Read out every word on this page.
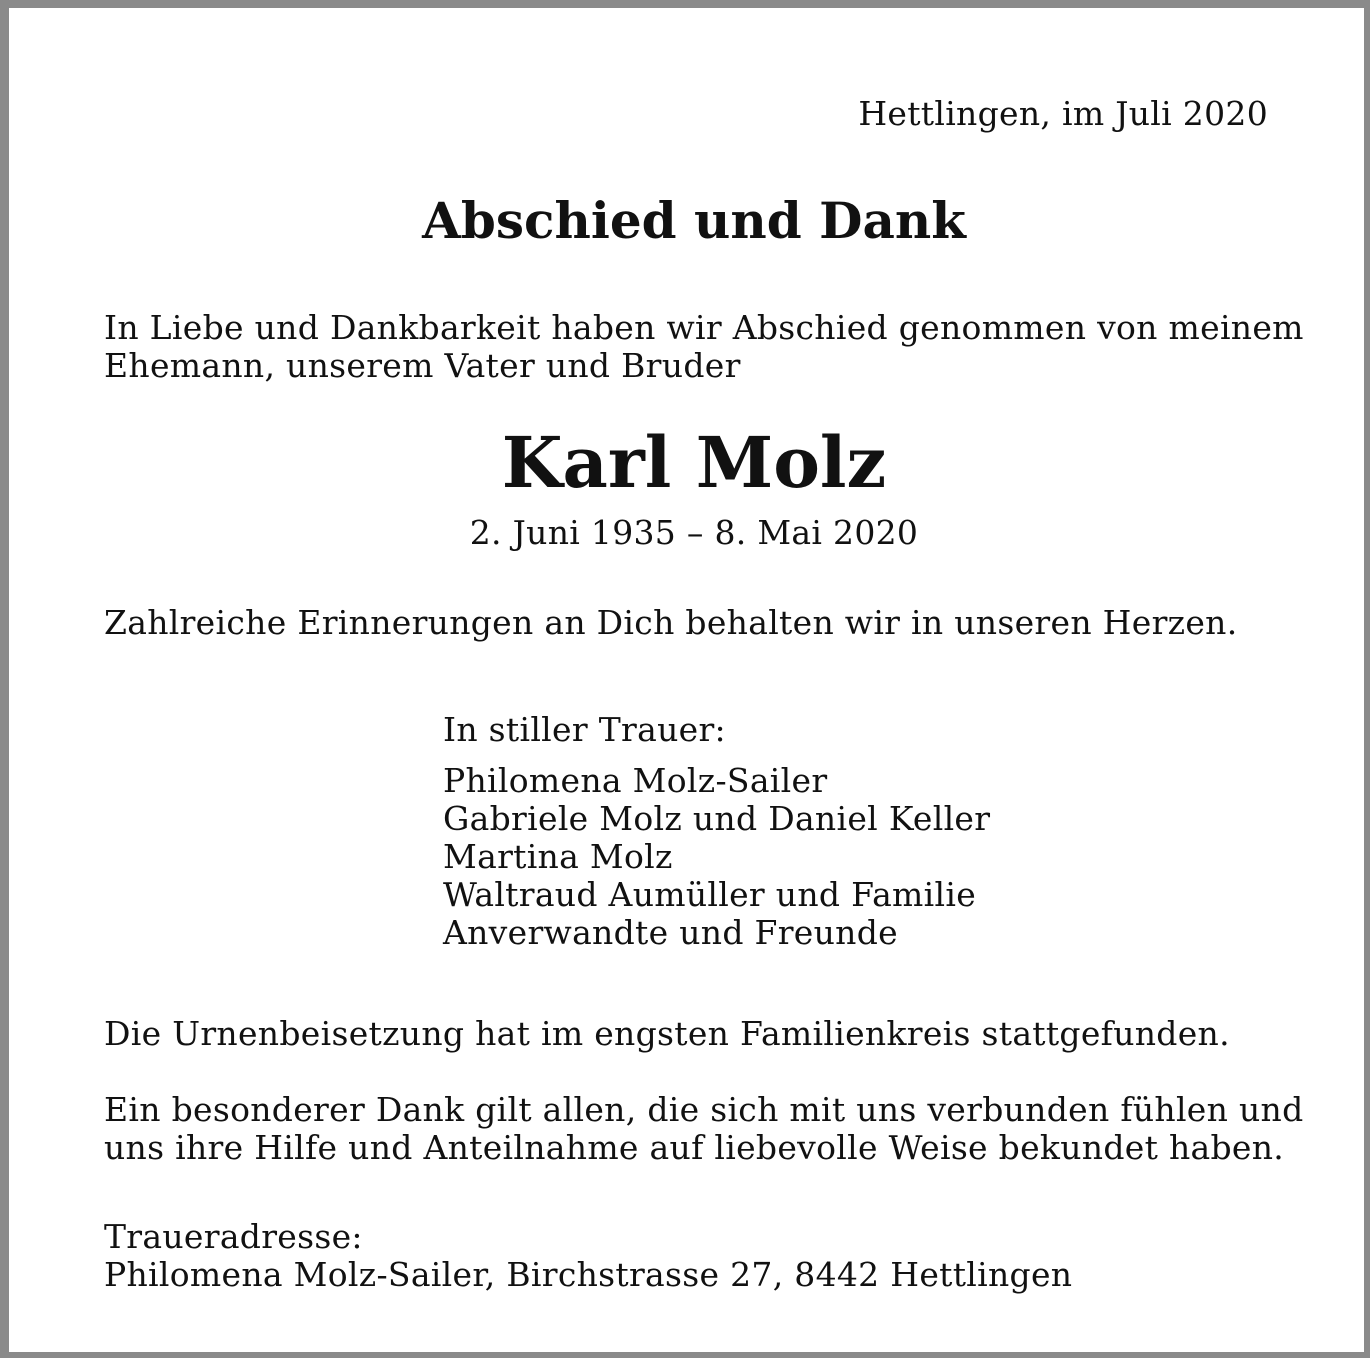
Hettlingen, im Juli 2020

Abschied und Dank
In Liebe und Dankbarkeit haben wir Abschied genommen von meinem
Ehemann, unserem Vater und Bruder
Karl Molz

2. Juni 1935 – 8. Mai 2020

Zahlreiche Erinnerungen an Dich behalten wir in unseren Herzen.

In stiller Trauer:

Philomena Molz-Sailer
Gabriele Molz und Daniel Keller
Martina Molz
Waltraud Aumüller und Familie
Anverwandte und Freunde

Die Urnenbeisetzung hat im engsten Familienkreis stattgefunden.

Ein besonderer Dank gilt allen, die sich mit uns verbunden fühlen und
uns ihre Hilfe und Anteilnahme auf liebevolle Weise bekundet haben.
Traueradresse:
Philomena Molz-Sailer, Birchstrasse 27, 8442 Hettlingen
